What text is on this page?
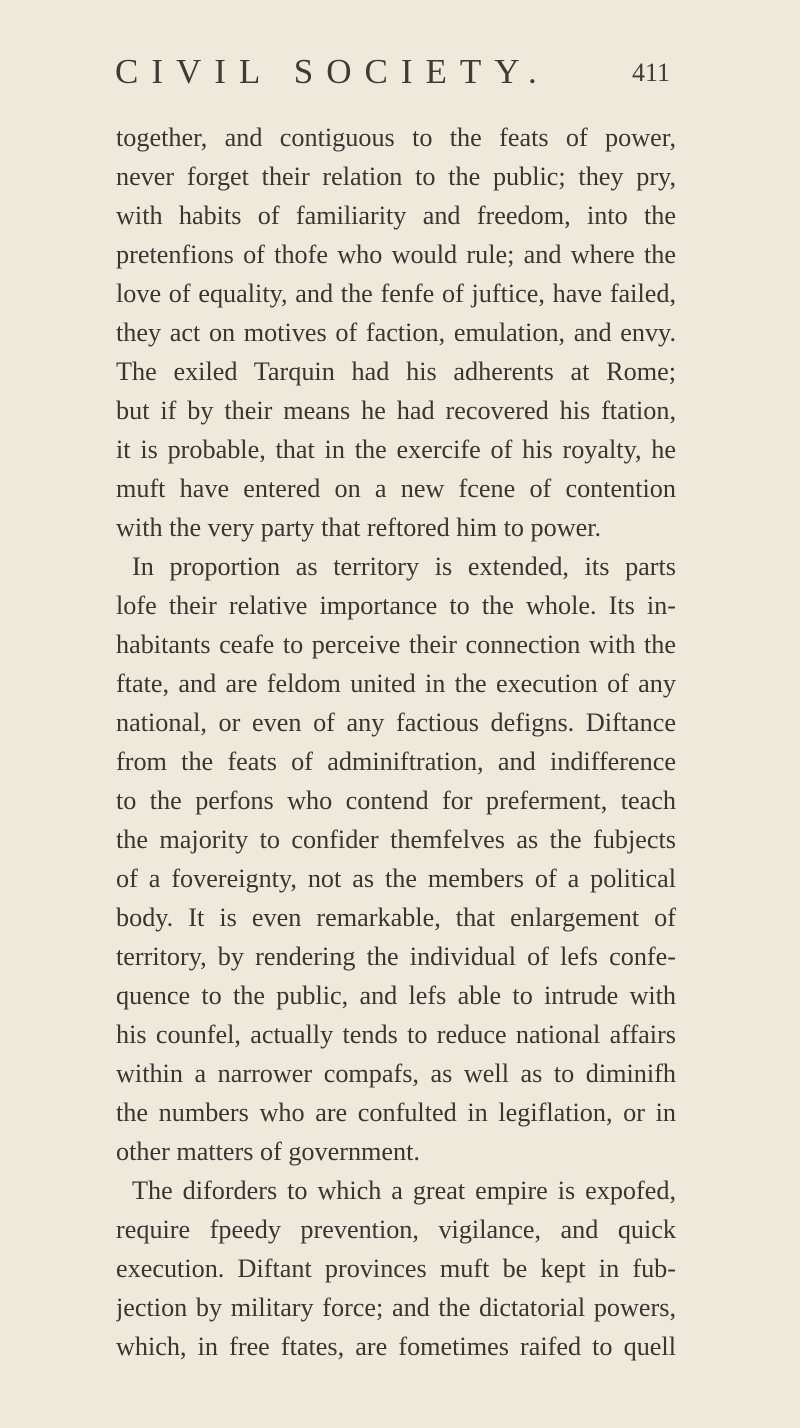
CIVIL SOCIETY.	411
together, and contiguous to the feats of power,
never forget their relation to the public; they pry,
with habits of familiarity and freedom, into the
pretenfions of thofe who would rule; and where the
love of equality, and the fenfe of juftice, have failed,
they act on motives of faction, emulation, and envy.
The exiled Tarquin had his adherents at Rome;
but if by their means he had recovered his ftation,
it is probable, that in the exercife of his royalty, he
muft have entered on a new fcene of contention
with the very party that reftored him to power.
In proportion as territory is extended, its parts
lofe their relative importance to the whole. Its in-
habitants ceafe to perceive their connection with the
ftate, and are feldom united in the execution of any
national, or even of any factious defigns. Diftance
from the feats of adminiftration, and indifference
to the perfons who contend for preferment, teach
the majority to confider themfelves as the fubjects
of a fovereignty, not as the members of a political
body. It is even remarkable, that enlargement of
territory, by rendering the individual of lefs confe-
quence to the public, and lefs able to intrude with
his counfel, actually tends to reduce national affairs
within a narrower compafs, as well as to diminifh
the numbers who are confulted in legiflation, or in
other matters of government.
The diforders to which a great empire is expofed,
require fpeedy prevention, vigilance, and quick
execution. Diftant provinces muft be kept in fub-
jection by military force; and the dictatorial powers,
which, in free ftates, are fometimes raifed to quell
